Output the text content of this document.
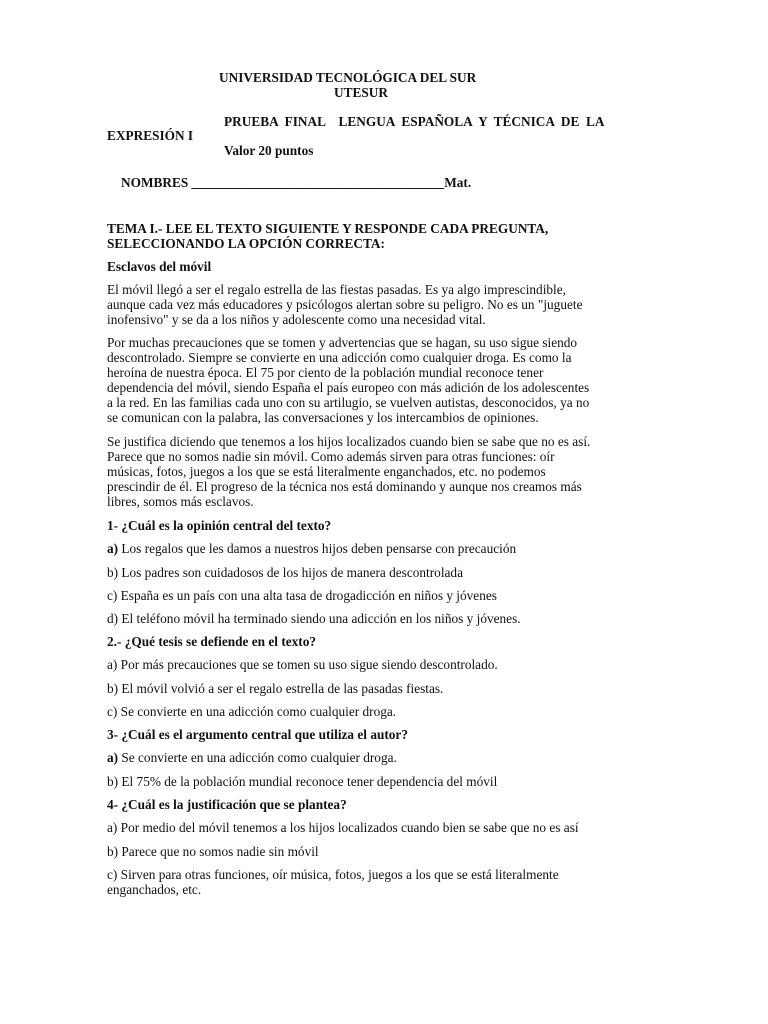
UNIVERSIDAD TECNOLÓGICA DEL SUR
UTESUR
PRUEBA  FINAL    LENGUA  ESPAÑOLA  Y  TÉCNICA  DE  LA
EXPRESIÓN I
Valor 20 puntos
NOMBRES ______________________________________Mat.
TEMA I.- LEE EL TEXTO SIGUIENTE Y RESPONDE CADA PREGUNTA,
SELECCIONANDO LA OPCIÓN CORRECTA:
Esclavos del móvil

El móvil llegó a ser el regalo estrella de las fiestas pasadas. Es ya algo imprescindible,
aunque cada vez más educadores y psicólogos alertan sobre su peligro. No es un "juguete
inofensivo" y se da a los niños y adolescente como una necesidad vital.

Por muchas precauciones que se tomen y advertencias que se hagan, su uso sigue siendo
descontrolado. Siempre se convierte en una adicción como cualquier droga. Es como la
heroína de nuestra época. El 75 por ciento de la población mundial reconoce tener
dependencia del móvil, siendo España el país europeo con más adición de los adolescentes
a la red. En las familias cada uno con su artilugio, se vuelven autistas, desconocidos, ya no
se comunican con la palabra, las conversaciones y los intercambios de opiniones.

Se justifica diciendo que tenemos a los hijos localizados cuando bien se sabe que no es así.
Parece que no somos nadie sin móvil. Como además sirven para otras funciones: oír
músicas, fotos, juegos a los que se está literalmente enganchados, etc. no podemos
prescindir de él. El progreso de la técnica nos está dominando y aunque nos creamos más
libres, somos más esclavos.

1- ¿Cuál es la opinión central del texto?
a) Los regalos que les damos a nuestros hijos deben pensarse con precaución
b) Los padres son cuidadosos de los hijos de manera descontrolada
c) España es un país con una alta tasa de drogadicción en niños y jóvenes
d) El teléfono móvil ha terminado siendo una adicción en los niños y jóvenes.
2.- ¿Qué tesis se defiende en el texto?
a) Por más precauciones que se tomen su uso sigue siendo descontrolado.
b) El móvil volvió a ser el regalo estrella de las pasadas fiestas.
c) Se convierte en una adicción como cualquier droga.
3- ¿Cuál es el argumento central que utiliza el autor?
a) Se convierte en una adicción como cualquier droga.
b) El 75% de la población mundial reconoce tener dependencia del móvil
4- ¿Cuál es la justificación que se plantea?
a) Por medio del móvil tenemos a los hijos localizados cuando bien se sabe que no es así
b) Parece que no somos nadie sin móvil

c) Sirven para otras funciones, oír música, fotos, juegos a los que se está literalmente
enganchados, etc.
